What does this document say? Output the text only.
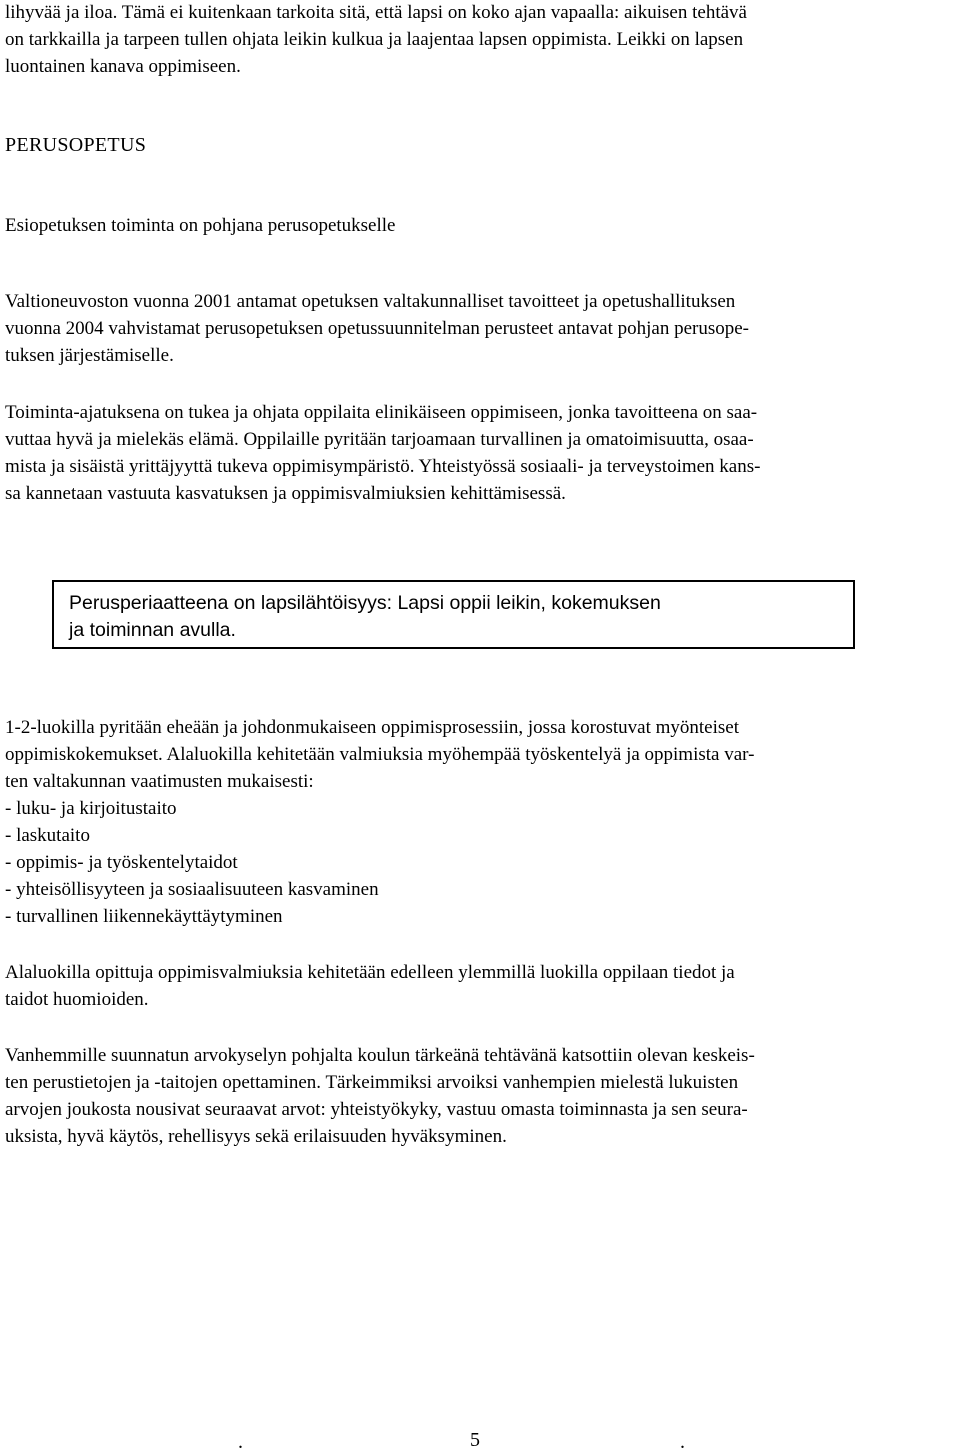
lihyvää ja iloa. Tämä ei kuitenkaan tarkoita sitä, että lapsi on koko ajan vapaalla: aikuisen tehtävä
on tarkkailla ja tarpeen tullen ohjata leikin kulkua ja laajentaa lapsen oppimista. Leikki on lapsen
luontainen kanava oppimiseen.
PERUSOPETUS
Esiopetuksen toiminta on pohjana perusopetukselle
Valtioneuvoston vuonna 2001 antamat opetuksen valtakunnalliset tavoitteet ja opetushallituksen
vuonna 2004 vahvistamat perusopetuksen opetussuunnitelman perusteet antavat pohjan perusope-
tuksen järjestämiselle.
Toiminta-ajatuksena on tukea ja ohjata oppilaita elinikäiseen oppimiseen, jonka tavoitteena on saa-
vuttaa hyvä ja mielekäs elämä. Oppilaille pyritään tarjoamaan turvallinen ja omatoimisuutta, osaa-
mista ja sisäistä yrittäjyyttä tukeva oppimisympäristö. Yhteistyössä sosiaali- ja terveystoimen kans-
sa kannetaan vastuuta kasvatuksen ja oppimisvalmiuksien kehittämisessä.
Perusperiaatteena on lapsilähtöisyys: Lapsi oppii leikin, kokemuksen
ja toiminnan avulla.
1-2-luokilla pyritään eheään ja johdonmukaiseen oppimisprosessiin, jossa korostuvat myönteiset
oppimiskokemukset. Alaluokilla kehitetään valmiuksia myöhempää työskentelyä ja oppimista var-
ten valtakunnan vaatimusten mukaisesti:
- luku- ja kirjoitustaito
- laskutaito
- oppimis- ja työskentelytaidot
- yhteisöllisyyteen ja sosiaalisuuteen kasvaminen
- turvallinen liikennekäyttäytyminen
Alaluokilla opittuja oppimisvalmiuksia kehitetään edelleen ylemmillä luokilla oppilaan tiedot ja
taidot huomioiden.
Vanhemmille suunnatun arvokyselyn pohjalta koulun tärkeänä tehtävänä katsottiin olevan keskeis-
ten perustietojen ja -taitojen opettaminen. Tärkeimmiksi arvoiksi vanhempien mielestä lukuisten
arvojen joukosta nousivat seuraavat arvot: yhteistyökyky, vastuu omasta toiminnasta ja sen seura-
uksista, hyvä käytös, rehellisyys sekä erilaisuuden hyväksyminen.
.	5	.
